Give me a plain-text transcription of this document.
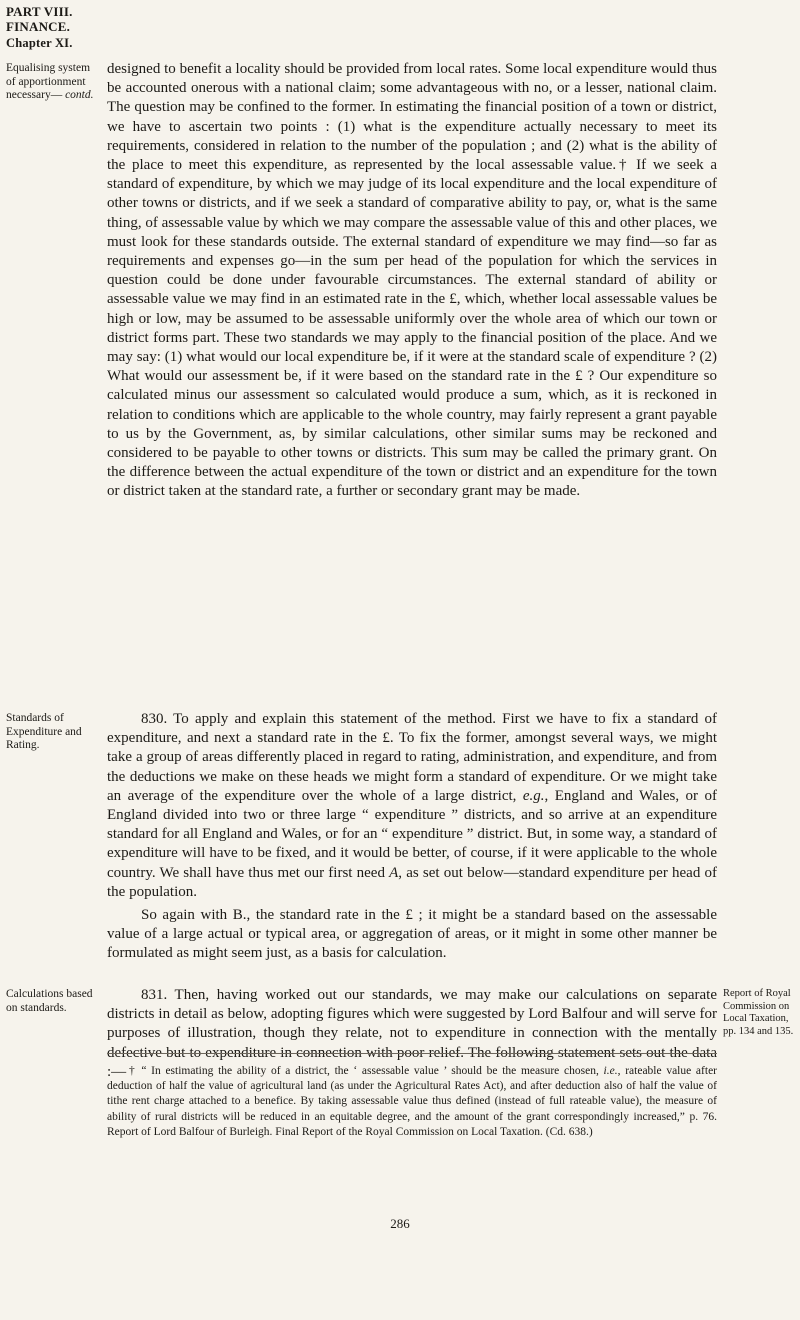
PART VIII.
FINANCE.
Chapter XI.
Equalising system of apportionment necessary— contd.

designed to benefit a locality should be provided from local rates. Some local expenditure would thus be accounted onerous with a national claim; some advantageous with no, or a lesser, national claim. The question may be confined to the former. In estimating the financial position of a town or district, we have to ascertain two points : (1) what is the expenditure actually necessary to meet its requirements, considered in relation to the number of the population ; and (2) what is the ability of the place to meet this expenditure, as represented by the local assessable value.† If we seek a standard of expenditure, by which we may judge of its local expenditure and the local expenditure of other towns or districts, and if we seek a standard of comparative ability to pay, or, what is the same thing, of assessable value by which we may compare the assessable value of this and other places, we must look for these standards outside. The external standard of expenditure we may find—so far as requirements and expenses go—in the sum per head of the population for which the services in question could be done under favourable circumstances. The external standard of ability or assessable value we may find in an estimated rate in the £, which, whether local assessable values be high or low, may be assumed to be assessable uniformly over the whole area of which our town or district forms part. These two standards we may apply to the financial position of the place. And we may say: (1) what would our local expenditure be, if it were at the standard scale of expenditure ? (2) What would our assessment be, if it were based on the standard rate in the £ ? Our expenditure so calculated minus our assessment so calculated would produce a sum, which, as it is reckoned in relation to conditions which are applicable to the whole country, may fairly represent a grant payable to us by the Government, as, by similar calculations, other similar sums may be reckoned and considered to be payable to other towns or districts. This sum may be called the primary grant. On the difference between the actual expenditure of the town or district and an expenditure for the town or district taken at the standard rate, a further or secondary grant may be made.

Standards of Expenditure and Rating.

830. To apply and explain this statement of the method. First we have to fix a standard of expenditure, and next a standard rate in the £. To fix the former, amongst several ways, we might take a group of areas differently placed in regard to rating, administration, and expenditure, and from the deductions we make on these heads we might form a standard of expenditure. Or we might take an average of the expenditure over the whole of a large district, e.g., England and Wales, or of England divided into two or three large “ expenditure ” districts, and so arrive at an expenditure standard for all England and Wales, or for an “ expenditure ” district. But, in some way, a standard of expenditure will have to be fixed, and it would be better, of course, if it were applicable to the whole country. We shall have thus met our first need A, as set out below—standard expenditure per head of the population.

So again with B., the standard rate in the £ ; it might be a standard based on the assessable value of a large actual or typical area, or aggregation of areas, or it might in some other manner be formulated as might seem just, as a basis for calculation.

Calculations based on standards.
Report of Royal Commission on Local Taxation, pp. 134 and 135.

831. Then, having worked out our standards, we may make our calculations on separate districts in detail as below, adopting figures which were suggested by Lord Balfour and will serve for purposes of illustration, though they relate, not to expenditure in connection with the mentally defective but to expenditure in connection with poor relief. The following statement sets out the data :— † “ In estimating the ability of a district, the ‘ assessable value ’ should be the measure chosen, i.e., rateable value after deduction of half the value of agricultural land (as under the Agricultural Rates Act), and after deduction also of half the value of tithe rent charge attached to a benefice. By taking assessable value thus defined (instead of full rateable value), the measure of ability of rural districts will be reduced in an equitable degree, and the amount of the grant correspondingly increased,” p. 76. Report of Lord Balfour of Burleigh. Final Report of the Royal Commission on Local Taxation. (Cd. 638.)

286
